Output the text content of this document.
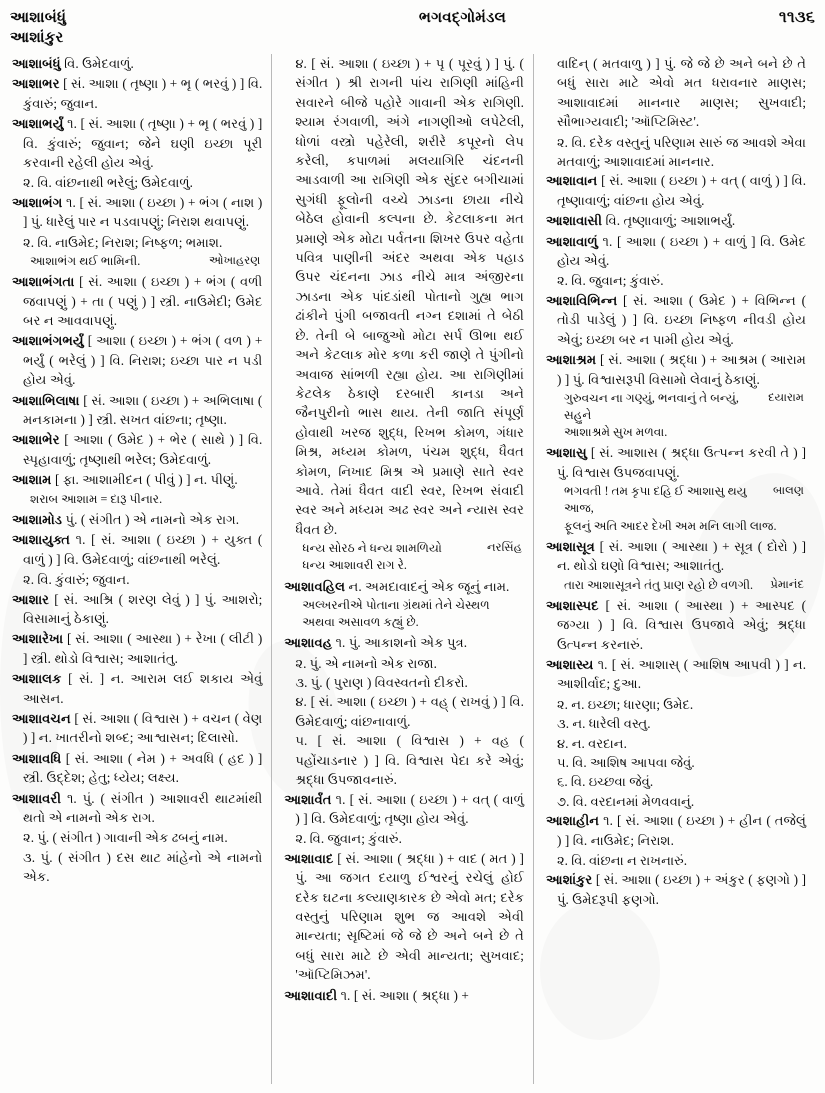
આશાબંધું
આશાંકુર
ભગવદ્ગોમંડલ	૧૧૩૬

આશાબંધું વિ. ઉમેદવાળું.

આશાભર [ સં. આશા ( તૃષ્ણા ) + ભૃ ( ભરવું ) ] વિ. કુંવારું; જુવાન.

આશાભર્યું ૧. [ સં. આશા ( તૃષ્ણા ) + ભૃ ( ભરવું ) ] વિ. કુંવારું; જુવાન; જેને ઘણી ઇચ્છા પૂરી કરવાની રહેલી હોય એવું.

૨. વિ. વાંછનાથી ભરેલું; ઉમેદવાળું.

આશાભંગ ૧. [ સં. આશા ( ઇચ્છા ) + ભંગ ( નાશ ) ] પું. ધારેલું પાર ન પડવાપણું; નિરાશ થવાપણું.

૨. વિ. નાઉમેદ; નિરાશ; નિષ્ફળ; ભમાશ.

ઓખાહરણ
આશાભંગ થઈ ભામિની.

આશાભંગતા [ સં. આશા ( ઇચ્છા ) + ભંગ ( વળી જવાપણું ) + તા ( પણું ) ] સ્ત્રી. નાઉમેદી; ઉમેદ બર ન આવવાપણું.

આશાભંગભર્યું [ આશા ( ઇચ્છા ) + ભંગ ( વળ ) + ભર્યું ( ભરેલું ) ] વિ. નિરાશ; ઇચ્છા પાર ન પડી હોય એવું.

આશાભિલાષા [ સં. આશા ( ઇચ્છા ) + અભિલાષા ( મનકામના ) ] સ્ત્રી. સખત વાંછના; તૃષ્ણા.

આશાભેર [ આશા ( ઉમેદ ) + ભેર ( સાથે ) ] વિ. સ્પૃહાવાળું; તૃષ્ણાથી ભરેલ; ઉમેદવાળું.

આશામ [ ફા. આશામીદન ( પીવું ) ] ન. પીણું.

શરાબ આશામ = દારૂ પીનાર.

આશામોડ પું. ( સંગીત ) એ નામનો એક રાગ.

આશાયુક્ત ૧. [ સં. આશા ( ઇચ્છા ) + યુક્ત ( વાળું ) ] વિ. ઉમેદવાળું; વાંછનાથી ભરેલું.

૨. વિ. કુંવારું; જુવાન.

આશાર [ સં. આશ્રિ ( શરણ લેવું ) ] પું. આશરો; વિસામાનું ઠેકાણું.

આશારેખા [ સં. આશા ( આસ્થા ) + રેખા ( લીટી ) ] સ્ત્રી. થોડો વિશ્વાસ; આશાતંતુ.

આશાલક [ સં. ] ન. આરામ લઈ શકાય એવું આસન.

આશાવચન [ સં. આશા ( વિશ્વાસ ) + વચન ( વેણ ) ] ન. ખાતરીનો શબ્દ; આશ્વાસન; દિલાસો.

આશાવધિ [ સં. આશા ( નેમ ) + અવધિ ( હદ ) ] સ્ત્રી. ઉદ્દેશ; હેતુ; ધ્યેય; લક્ષ્ય.

આશાવરી ૧. પું. ( સંગીત ) આશાવરી થાટમાંથી થતો એ નામનો એક રાગ.

૨. પું. ( સંગીત ) ગાવાની એક ઢબનું નામ.

૩. પું. ( સંગીત ) દસ થાટ માંહેનો એ નામનો એક.

૪. [ સં. આશા ( ઇચ્છા ) + પૃ ( પૂરવું ) ] પું. ( સંગીત ) શ્રી રાગની પાંચ રાગિણી માંહિની સવારને બીજે પહોરે ગાવાની એક રાગિણી. શ્યામ રંગવાળી, અંગે નાગણીઓ લપેટેલી, ધોળાં વસ્ત્રો પહેરેલી, શરીરે કપૂરનો લેપ કરેલી, કપાળમાં મલયાગિરિ ચંદનની આડવાળી આ રાગિણી એક સુંદર બગીચામાં સુગંધી ફૂલોની વચ્ચે ઝાડના છાયા નીચે બેઠેલ હોવાની કલ્પના છે. કેટલાકના મત પ્રમાણે એક મોટા પર્વતના શિખર ઉપર વહેતા પવિત્ર પાણીની અંદર અથવા એક પહાડ ઉપર ચંદનના ઝાડ નીચે માત્ર અંજીરના ઝાડના એક પાંદડાંથી પોતાનો ગુહ્ય ભાગ ઢાંકીને પુંગી બજાવતી નગ્ન દશામાં તે બેઠી છે. તેની બે બાજુઓ મોટા સર્પ ઊભા થઈ અને કેટલાક મોર કળા કરી જાણે તે પુંગીનો અવાજ સાંભળી રહ્યા હોય. આ રાગિણીમાં કેટલેક ઠેકાણે દરબારી કાનડા અને જૈનપુરીનો ભાસ થાય. તેની જાતિ સંપૂર્ણ હોવાથી ખરજ શુદ્ધ, રિખભ કોમળ, ગંધાર મિશ્ર, મધ્યમ કોમળ, પંચમ શુદ્ધ, ધૈવત કોમળ, નિખાદ મિશ્ર એ પ્રમાણે સાતે સ્વર આવે. તેમાં ધૈવત વાદી સ્વર, રિખભ સંવાદી સ્વર અને મધ્યમ અઢ સ્વર અને ન્યાસ સ્વર ધૈવત છે.

નરસિંહ
ધન્ય સોરઠ ને ધન્ય શામળિયો
ધન્ય આશાવરી રાગ રે.

આશાવહિલ ન. અમદાવાદનું એક જૂનું નામ.

અલ્ખરનીએ પોતાના ગ્રંથમાં તેને ચેસ્થળ અથવા અસાવળ કહ્યું છે.

આશાવહ ૧. પું. આકાશનો એક પુત્ર.

૨. પું. એ નામનો એક રાજા.

૩. પું. ( પુરાણ ) વિવસ્વતનો દીકરો.

૪. [ સં. આશા ( ઇચ્છા ) + વહ્ ( રાખવું ) ] વિ. ઉમેદવાળું; વાંછનાવાળું.

૫. [ સં. આશા ( વિશ્વાસ ) + વહ ( પહોંચાડનાર ) ] વિ. વિશ્વાસ પેદા કરે એવું; શ્રદ્ધા ઉપજાવનારું.

આશાર્વંત ૧. [ સં. આશા ( ઇચ્છા ) + વત્ ( વાળું ) ] વિ. ઉમેદવાળું; તૃષ્ણા હોય એવું.

૨. વિ. જુવાન; કુંવારું.

આશાવાદ [ સં. આશા ( શ્રદ્ધા ) + વાદ ( મત ) ] પું. આ જગત દયાળુ ઈશ્વરનું રચેલું હોઈ દરેક ઘટના કલ્યાણકારક છે એવો મત; દરેક વસ્તુનું પરિણામ શુભ જ આવશે એવી માન્યતા; સૃષ્ટિમાં જે જે છે અને બને છે તે બધું સારા માટે છે એવી માન્યતા; સુખવાદ; 'ઑપ્ટિમિઝમ'.

આશાવાદી ૧. [ સં. આશા ( શ્રદ્ધા ) +

વાદિન્ ( મતવાળુ ) ] પું. જે જે છે અને બને છે તે બધું સારા માટે એવો મત ધરાવનાર માણસ; આશાવાદમાં માનનાર માણસ; સુખવાદી; સૌભાગ્યવાદી; 'ઑપ્ટિમિસ્ટ'.

૨. વિ. દરેક વસ્તુનું પરિણામ સારું જ આવશે એવા મતવાળું; આશાવાદમાં માનનાર.

આશાવાન [ સં. આશા ( ઇચ્છા ) + વત્ ( વાળું ) ] વિ. તૃષ્ણાવાળું; વાંછના હોય એવું.

આશાવાસી વિ. તૃષ્ણાવાળું; આશાભર્યું.

આશાવાળું ૧. [ આશા ( ઇચ્છા ) + વાળું ] વિ. ઉમેદ હોય એવું.

૨. વિ. જુવાન; કુંવારું.

આશાવિભિન્ન [ સં. આશા ( ઉમેદ ) + વિભિન્ન ( તોડી પાડેલું ) ] વિ. ઇચ્છા નિષ્ફળ નીવડી હોય એવું; ઇચ્છા બર ન પામી હોય એવું.

આશાશ્રમ [ સં. આશા ( શ્રદ્ધા ) + આશ્રમ ( આરામ ) ] પું. વિશ્વાસરૂપી વિસામો લેવાનું ઠેકાણું.

દયારામ
ગુરુવચન ના ગણ્યું, ભનવાનું તે બન્યું, સહુને
આશાશ્રમે સુખ મળવા.

આશાસુ [ સં. આશાસ ( શ્રદ્ધા ઉત્પન્ન કરવી તે ) ] પું. વિશ્વાસ ઉપજવાપણું.

બાલણ
ભગવતી ! તમ કૃપા દહિ ઈ આશાસુ થયુ આજ,
ફૂલનું અતિ આદર દેખી અમ મનિ લાગી લાજ.

આશાસૂત્ર [ સં. આશા ( આસ્થા ) + સૂત્ર ( દોરો ) ] ન. થોડો ઘણો વિશ્વાસ; આશાતંતુ.

પ્રેમાનંદ
તારા આશાસૂત્રને તંતુ પ્રાણ રહો છે વળગી.

આશાસ્પદ [ સં. આશા ( આસ્થા ) + આસ્પદ ( જગ્યા ) ] વિ. વિશ્વાસ ઉપજાવે એવું; શ્રદ્ધા ઉત્પન્ન કરનારું.

આશાસ્ય ૧. [ સં. આશાસ્ ( આશિષ આપવી ) ] ન. આશીર્વાદ; દુઆ.

૨. ન. ઇચ્છા; ધારણા; ઉમેદ.

૩. ન. ધારેલી વસ્તુ.

૪. ન. વરદાન.

૫. વિ. આશિષ આપવા જેવું.

૬. વિ. ઇચ્છવા જેવું.

૭. વિ. વરદાનમાં મેળવવાનું.

આશાહીન ૧. [ સં. આશા ( ઇચ્છા ) + હીન ( તજેલું ) ] વિ. નાઉમેદ; નિરાશ.

૨. વિ. વાંછના ન રાખનારું.

આશાંકુર [ સં. આશા ( ઇચ્છા ) + અંકુર ( ફણગો ) ] પું. ઉમેદરૂપી ફણગો.
